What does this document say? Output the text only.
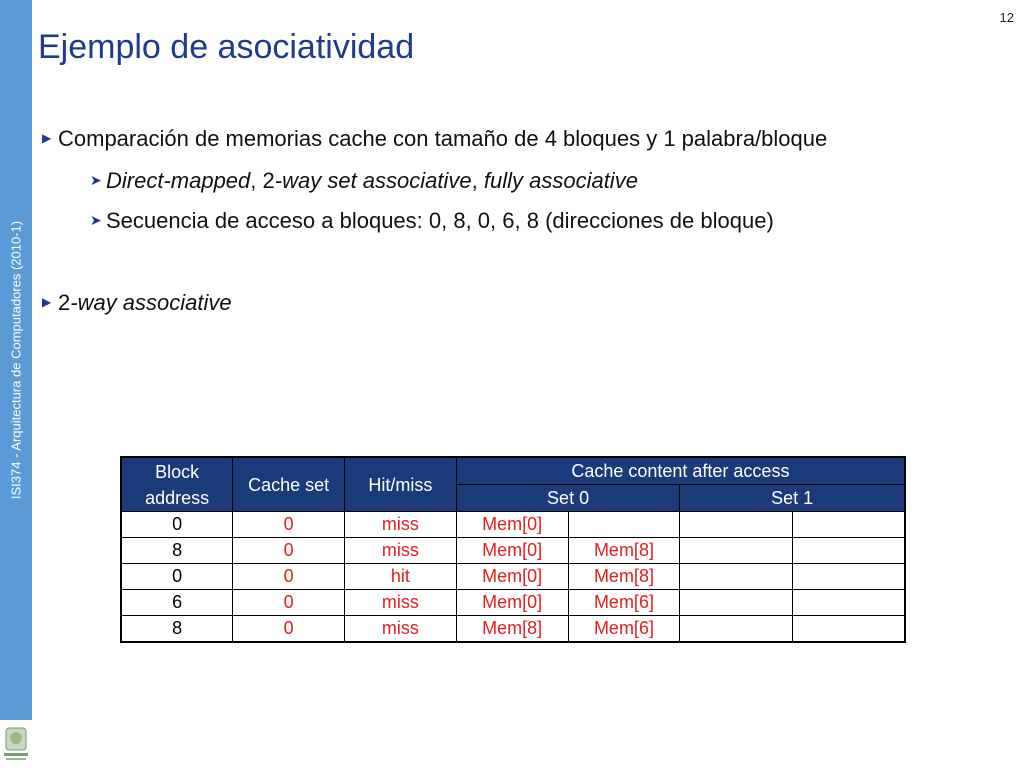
ISI374 - Arquitectura de Computadores (2010-1)
12
Ejemplo de asociatividad
▶ Comparación de memorias cache con tamaño de 4 bloques y 1 palabra/bloque
➤ Direct-mapped, 2-way set associative, fully associative
➤ Secuencia de acceso a bloques: 0, 8, 0, 6, 8 (direcciones de bloque)
▶ 2-way associative
Block address	Cache set	Hit/miss	Cache content after access			
			Set 0		Set 1	
0	0	miss	Mem[0]			
8	0	miss	Mem[0]	Mem[8]		
0	0	hit	Mem[0]	Mem[8]		
6	0	miss	Mem[0]	Mem[6]		
8	0	miss	Mem[8]	Mem[6]		
